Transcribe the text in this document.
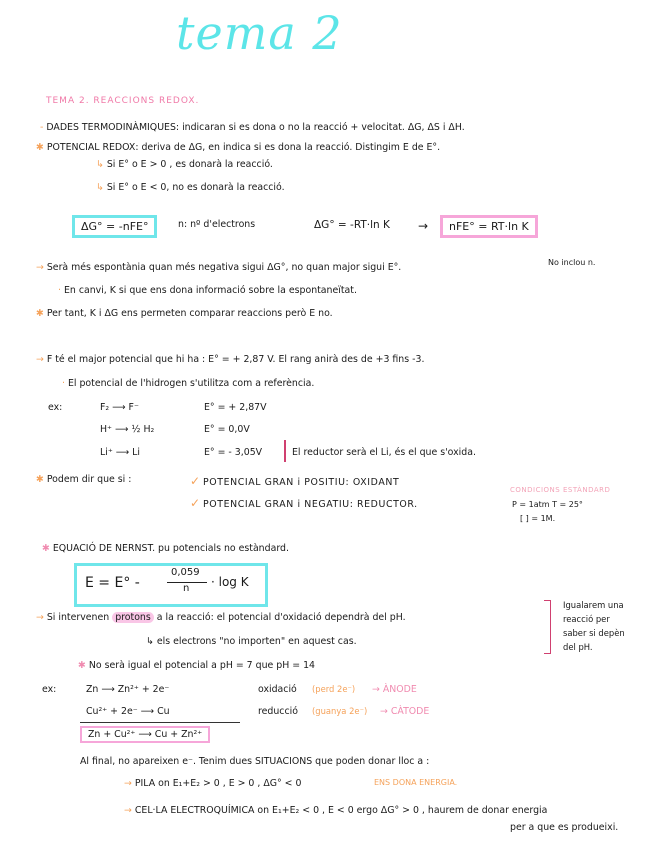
tema 2
TEMA 2. REACCIONS REDOX.
- DADES TERMODINÀMIQUES: indicaran si es dona o no la reacció + velocitat. ΔG, ΔS i ΔH.
✱ POTENCIAL REDOX: deriva de ΔG, en indica si es dona la reacció. Distingim E de E°.
↳ Si E° o E > 0 , es donarà la reacció.
↳ Si E° o E < 0, no es donarà la reacció.
ΔG° = -nFE°	n: nº d'electrons	ΔG° = -RT·ln K →	nFE° = RT·ln K
→ Serà més espontània quan més negativa sigui ΔG°, no quan major sigui E°.	No inclou n.
· En canvi, K si que ens dona informació sobre la espontaneïtat.
✱ Per tant, K i ΔG ens permeten comparar reaccions però E no.
→ F té el major potencial que hi ha : E° = + 2,87 V. El rang anirà des de +3 fins -3.
· El potencial de l'hidrogen s'utilitza com a referència.
ex:	F₂ ⟶ F⁻	E° = + 2,87V
H⁺ ⟶ ½ H₂	E° = 0,0V
Li⁺ ⟶ Li	E° = - 3,05V	El reductor serà el Li, és el que s'oxida.
✱ Podem dir que si :	✓ POTENCIAL GRAN i POSITIU: OXIDANT
✓ POTENCIAL GRAN i NEGATIU: REDUCTOR.
CONDICIONS ESTÀNDARD
P = 1atm T = 25°
[ ] = 1M.
✱ EQUACIÓ DE NERNST. pu potencials no estàndard.
E = E° -
0,059
n · log K
→ Si intervenen protons a la reacció: el potencial d'oxidació dependrà del pH.
↳ els electrons "no importen" en aquest cas.
Igualarem una
reacció per
saber si depèn
del pH.
✱ No serà igual el potencial a pH = 7 que pH = 14
ex:	Zn ⟶ Zn²⁺ + 2e⁻	oxidació (perd 2e⁻) → ÀNODE
Cu²⁺ + 2e⁻ ⟶ Cu	reducció (guanya 2e⁻) → CÀTODE
Zn + Cu²⁺ ⟶ Cu + Zn²⁺
Al final, no apareixen e⁻. Tenim dues SITUACIONS que poden donar lloc a :
→ PILA on E₁+E₂ > 0 , E > 0 , ΔG° < 0	ENS DONA ENERGIA.
→ CEL·LA ELECTROQUÍMICA on E₁+E₂ < 0 , E < 0 ergo ΔG° > 0 , haurem de donar energia
per a que es produeixi.
